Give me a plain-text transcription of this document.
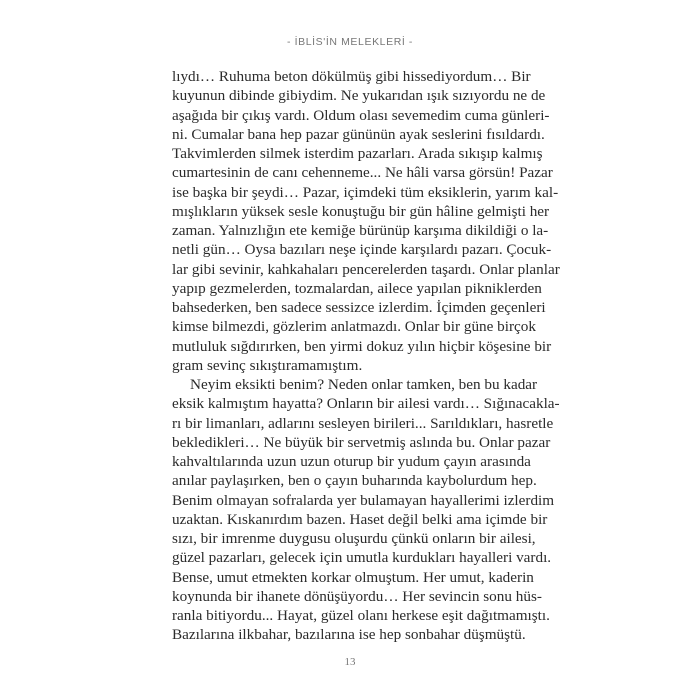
- İBLİS'İN MELEKLERİ -
lıydı… Ruhuma beton dökülmüş gibi hissediyordum… Bir
kuyunun dibinde gibiydim. Ne yukarıdan ışık sızıyordu ne de
aşağıda bir çıkış vardı. Oldum olası sevemedim cuma günleri-
ni. Cumalar bana hep pazar gününün ayak seslerini fısıldardı.
Takvimlerden silmek isterdim pazarları. Arada sıkışıp kalmış
cumartesinin de canı cehenneme... Ne hâli varsa görsün! Pazar
ise başka bir şeydi… Pazar, içimdeki tüm eksiklerin, yarım kal-
mışlıkların yüksek sesle konuştuğu bir gün hâline gelmişti her
zaman. Yalnızlığın ete kemiğe bürünüp karşıma dikildiği o la-
netli gün… Oysa bazıları neşe içinde karşılardı pazarı. Çocuk-
lar gibi sevinir, kahkahaları pencerelerden taşardı. Onlar planlar
yapıp gezmelerden, tozmalardan, ailece yapılan pikniklerden
bahsederken, ben sadece sessizce izlerdim. İçimden geçenleri
kimse bilmezdi, gözlerim anlatmazdı. Onlar bir güne birçok
mutluluk sığdırırken, ben yirmi dokuz yılın hiçbir köşesine bir
gram sevinç sıkıştıramamıştım.
Neyim eksikti benim? Neden onlar tamken, ben bu kadar
eksik kalmıştım hayatta? Onların bir ailesi vardı… Sığınacakla-
rı bir limanları, adlarını sesleyen birileri... Sarıldıkları, hasretle
bekledikleri… Ne büyük bir servetmiş aslında bu. Onlar pazar
kahvaltılarında uzun uzun oturup bir yudum çayın arasında
anılar paylaşırken, ben o çayın buharında kaybolurdum hep.
Benim olmayan sofralarda yer bulamayan hayallerimi izlerdim
uzaktan. Kıskanırdım bazen. Haset değil belki ama içimde bir
sızı, bir imrenme duygusu oluşurdu çünkü onların bir ailesi,
güzel pazarları, gelecek için umutla kurdukları hayalleri vardı.
Bense, umut etmekten korkar olmuştum. Her umut, kaderin
koynunda bir ihanete dönüşüyordu… Her sevincin sonu hüs-
ranla bitiyordu... Hayat, güzel olanı herkese eşit dağıtmamıştı.
Bazılarına ilkbahar, bazılarına ise hep sonbahar düşmüştü.
13
